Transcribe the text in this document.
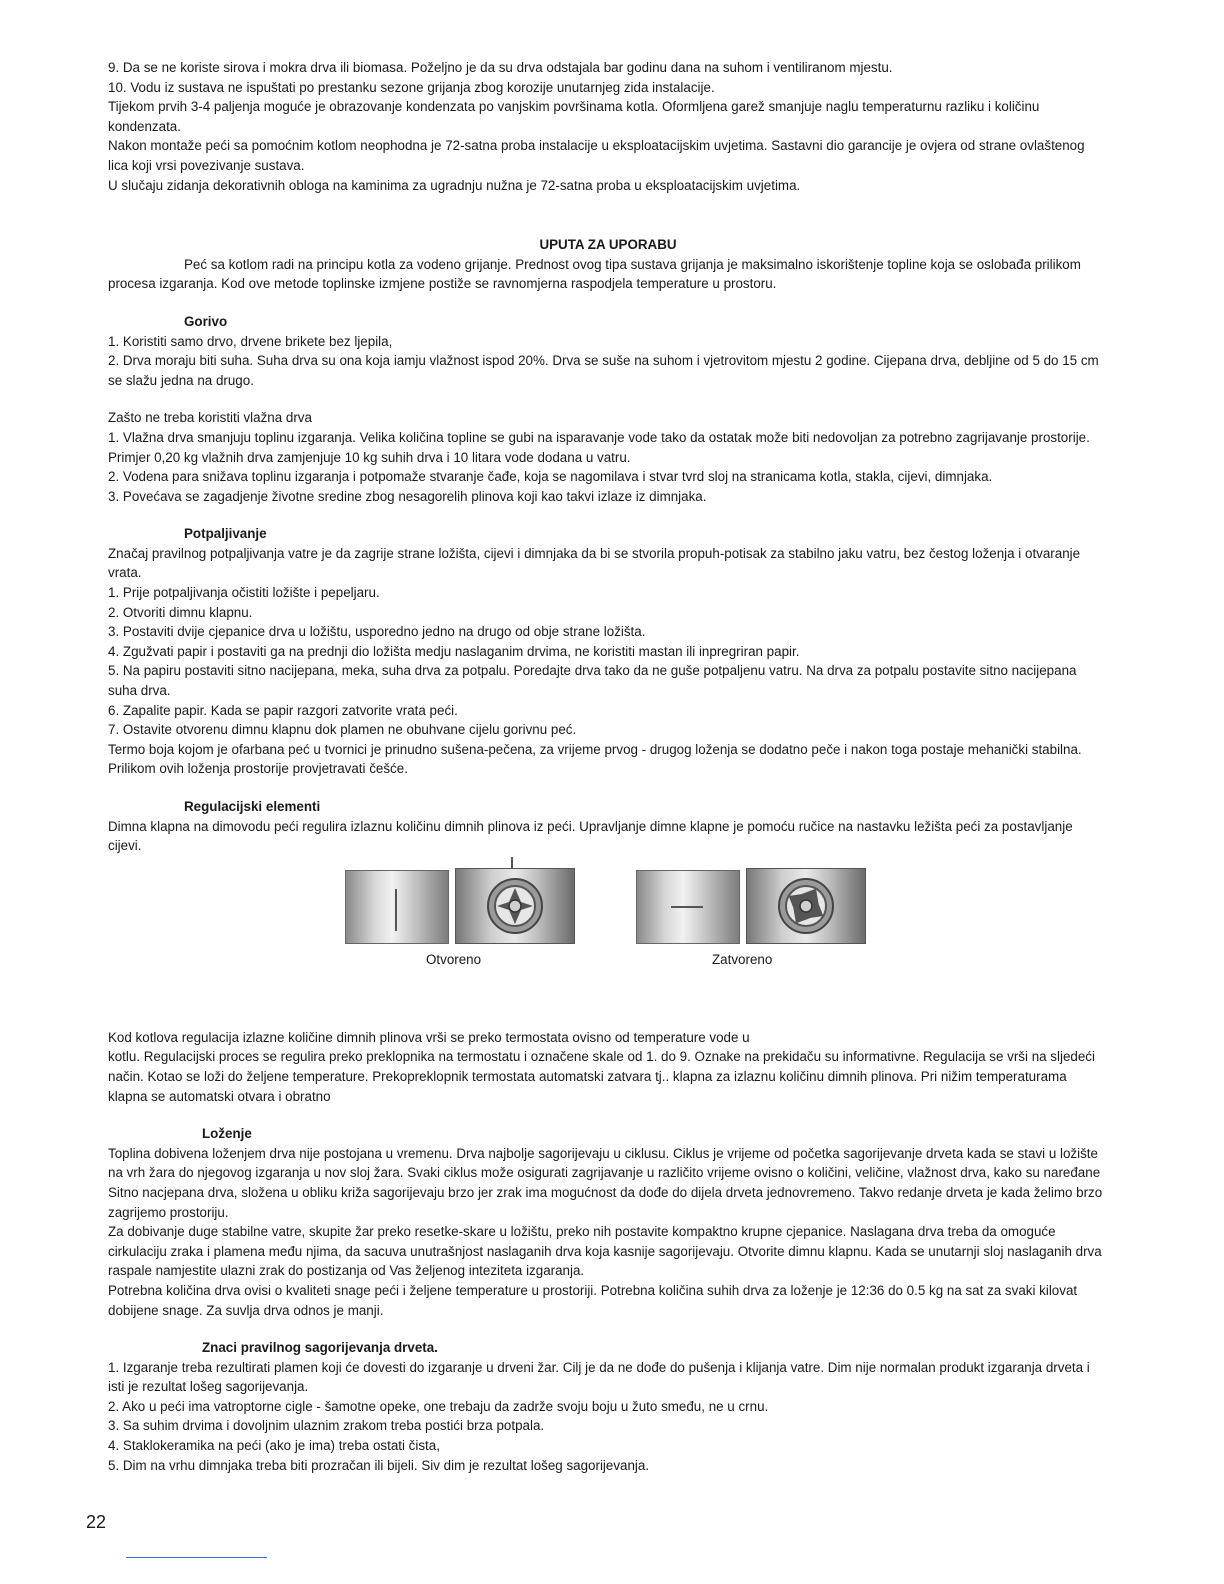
9. Da se ne koriste sirova i mokra drva ili biomasa. Poželjno je da su drva odstajala bar godinu dana na suhom i ventiliranom mjestu.

10. Vodu iz sustava ne ispuštati po prestanku sezone grijanja zbog korozije unutarnjeg zida instalacije.

Tijekom prvih 3-4 paljenja moguće je obrazovanje kondenzata po vanjskim površinama kotla. Oformljena garež smanjuje naglu temperaturnu razliku i količinu kondenzata.

Nakon montaže peći sa pomoćnim kotlom neophodna je 72-satna proba instalacije u eksploatacijskim uvjetima. Sastavni dio garancije je ovjera od strane ovlaštenog lica koji vrsi povezivanje sustava.

U slučaju zidanja dekorativnih obloga na kaminima za ugradnju nužna je 72-satna proba u eksploatacijskim uvjetima.

UPUTA ZA UPORABU

Peć sa kotlom radi na principu kotla za vodeno grijanje. Prednost ovog tipa sustava grijanja je maksimalno iskorištenje topline koja se oslobađa prilikom procesa izgaranja. Kod ove metode toplinske izmjene postiže se ravnomjerna raspodjela temperature u prostoru.

Gorivo

1. Koristiti samo drvo, drvene brikete bez ljepila,

2. Drva moraju biti suha. Suha drva su ona koja iamju vlažnost ispod 20%. Drva se suše na suhom i vjetrovitom mjestu 2 godine. Cijepana drva, debljine od 5 do 15 cm se slažu jedna na drugo.

Zašto ne treba koristiti vlažna drva

1. Vlažna drva smanjuju toplinu izgaranja. Velika količina topline se gubi na isparavanje vode tako da ostatak može biti nedovoljan za potrebno zagrijavanje prostorije. Primjer 0,20 kg vlažnih drva zamjenjuje 10 kg suhih drva i 10 litara vode dodana u vatru.

2. Vodena para snižava toplinu izgaranja i potpomaže stvaranje čađe, koja se nagomilava i stvar tvrd sloj na stranicama kotla, stakla, cijevi, dimnjaka.

3. Povećava se zagadjenje životne sredine zbog nesagorelih plinova koji kao takvi izlaze iz dimnjaka.

Potpaljivanje

Značaj pravilnog potpaljivanja vatre je da zagrije strane ložišta, cijevi i dimnjaka da bi se stvorila propuh-potisak za stabilno jaku vatru, bez čestog loženja i otvaranje vrata.

1. Prije potpaljivanja očistiti ložište i pepeljaru.

2. Otvoriti dimnu klapnu.

3. Postaviti dvije cjepanice drva u ložištu, usporedno jedno na drugo od obje strane ložišta.

4. Zgužvati papir i postaviti ga na prednji dio ložišta medju naslaganim drvima, ne koristiti mastan ili inpregriran papir.

5. Na papiru postaviti sitno nacijepana, meka, suha drva za potpalu. Poredajte drva tako da ne guše potpaljenu vatru. Na drva za potpalu postavite sitno nacijepana suha drva.

6. Zapalite papir. Kada se papir razgori zatvorite vrata peći.

7. Ostavite otvorenu dimnu klapnu dok plamen ne obuhvane cijelu gorivnu peć.

Termo boja kojom je ofarbana peć u tvornici je prinudno sušena-pečena, za vrijeme prvog - drugog loženja se dodatno peče i nakon toga postaje mehanički stabilna. Prilikom ovih loženja prostorije provjetravati češće.

Regulacijski elementi

Dimna klapna na dimovodu peći regulira izlaznu količinu dimnih plinova iz peći. Upravljanje dimne klapne je pomoću ručice na nastavku ležišta peći za postavljanje cijevi.

Otvoreno	Zatvoreno

Kod kotlova regulacija izlazne količine dimnih plinova vrši se preko termostata ovisno od temperature vode u

kotlu. Regulacijski proces se regulira preko preklopnika na termostatu i označene skale od 1. do 9. Oznake na prekidaču su informativne. Regulacija se vrši na sljedeći način. Kotao se loži do željene temperature. Prekopreklopnik termostata automatski zatvara tj.. klapna za izlaznu količinu dimnih plinova. Pri nižim temperaturama klapna se automatski otvara i obratno

Loženje

Toplina dobivena loženjem drva nije postojana u vremenu. Drva najbolje sagorijevaju u ciklusu. Ciklus je vrijeme od početka sagorijevanje drveta kada se stavi u ložište na vrh žara do njegovog izgaranja u nov sloj žara. Svaki ciklus može osigurati zagrijavanje u različito vrijeme ovisno o količini, veličine, vlažnost drva, kako su naređane

Sitno nacjepana drva, složena u obliku križa sagorijevaju brzo jer zrak ima mogućnost da dođe do dijela drveta jednovremeno. Takvo redanje drveta je kada želimo brzo zagrijemo prostoriju.

Za dobivanje duge stabilne vatre, skupite žar preko resetke-skare u ložištu, preko nih postavite kompaktno krupne cjepanice. Naslagana drva treba da omoguće cirkulaciju zraka i plamena među njima, da sacuva unutrašnjost naslaganih drva koja kasnije sagorijevaju. Otvorite dimnu klapnu. Kada se unutarnji sloj naslaganih drva raspale namjestite ulazni zrak do postizanja od Vas željenog inteziteta izgaranja.

Potrebna količina drva ovisi o kvaliteti snage peći i željene temperature u prostoriji. Potrebna količina suhih drva za loženje je 12:36 do 0.5 kg na sat za svaki kilovat dobijene snage. Za suvlja drva odnos je manji.

Znaci pravilnog sagorijevanja drveta.

1. Izgaranje treba rezultirati plamen koji će dovesti do izgaranje u drveni žar. Cilj je da ne dođe do pušenja i klijanja vatre. Dim nije normalan produkt izgaranja drveta i isti je rezultat lošeg sagorijevanja.

2. Ako u peći ima vatroptorne cigle - šamotne opeke, one trebaju da zadrže svoju boju u žuto smeđu, ne u crnu.

3. Sa suhim drvima i dovoljnim ulaznim zrakom treba postići brza potpala.

4. Staklokeramika na peći (ako je ima) treba ostati čista,

5. Dim na vrhu dimnjaka treba biti prozračan ili bijeli. Siv dim je rezultat lošeg sagorijevanja.

22
